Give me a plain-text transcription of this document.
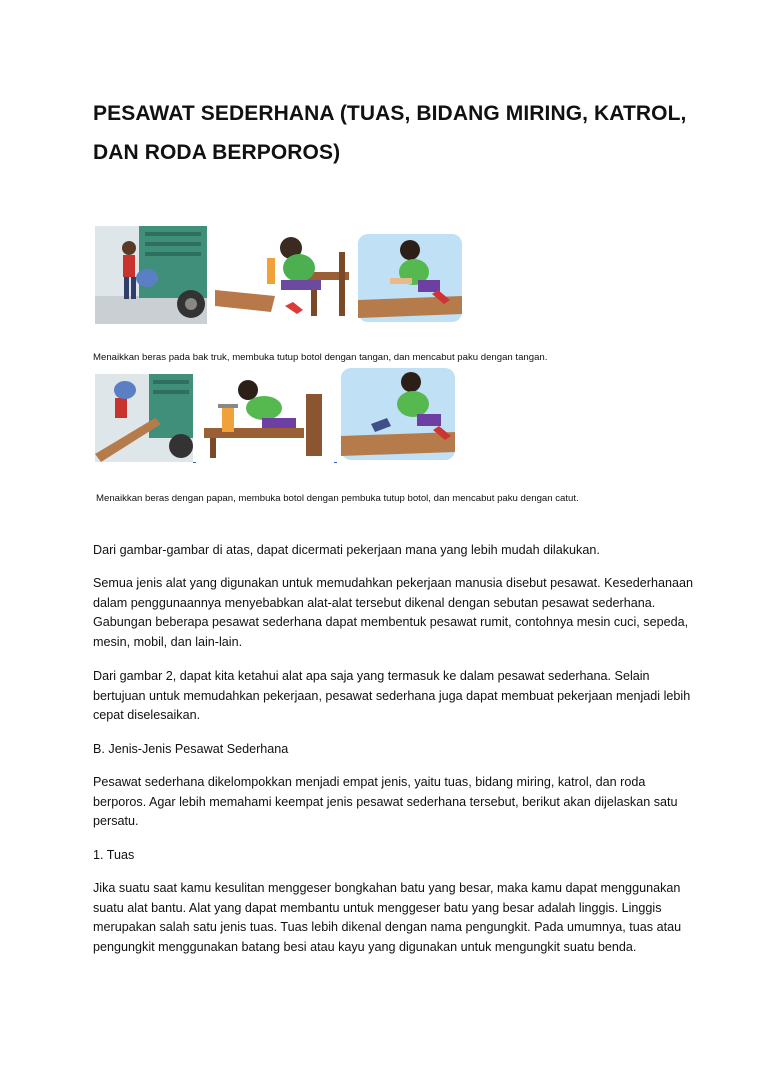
PESAWAT SEDERHANA (TUAS, BIDANG MIRING, KATROL, DAN RODA BERPOROS)

Menaikkan beras pada bak truk, membuka tutup botol dengan tangan, dan mencabut paku dengan tangan.

Menaikkan beras dengan papan, membuka botol dengan pembuka tutup botol, dan mencabut paku dengan catut.

Dari gambar-gambar di atas, dapat dicermati pekerjaan mana yang lebih mudah dilakukan.

Semua jenis alat yang digunakan untuk memudahkan pekerjaan manusia disebut pesawat. Kesederhanaan dalam penggunaannya menyebabkan alat-alat tersebut dikenal dengan sebutan pesawat sederhana. Gabungan beberapa pesawat sederhana dapat membentuk pesawat rumit, contohnya mesin cuci, sepeda, mesin, mobil, dan lain-lain.

Dari gambar 2, dapat kita ketahui alat apa saja yang termasuk ke dalam pesawat sederhana. Selain bertujuan untuk memudahkan pekerjaan, pesawat sederhana juga dapat membuat pekerjaan menjadi lebih cepat diselesaikan.

B. Jenis-Jenis Pesawat Sederhana

Pesawat sederhana dikelompokkan menjadi empat jenis, yaitu tuas, bidang miring, katrol, dan roda berporos. Agar lebih memahami keempat jenis pesawat sederhana tersebut, berikut akan dijelaskan satu persatu.

1. Tuas

Jika suatu saat kamu kesulitan menggeser bongkahan batu yang besar, maka kamu dapat menggunakan suatu alat bantu. Alat yang dapat membantu untuk menggeser batu yang besar adalah linggis. Linggis merupakan salah satu jenis tuas. Tuas lebih dikenal dengan nama pengungkit. Pada umumnya, tuas atau pengungkit menggunakan batang besi atau kayu yang digunakan untuk mengungkit suatu benda.
